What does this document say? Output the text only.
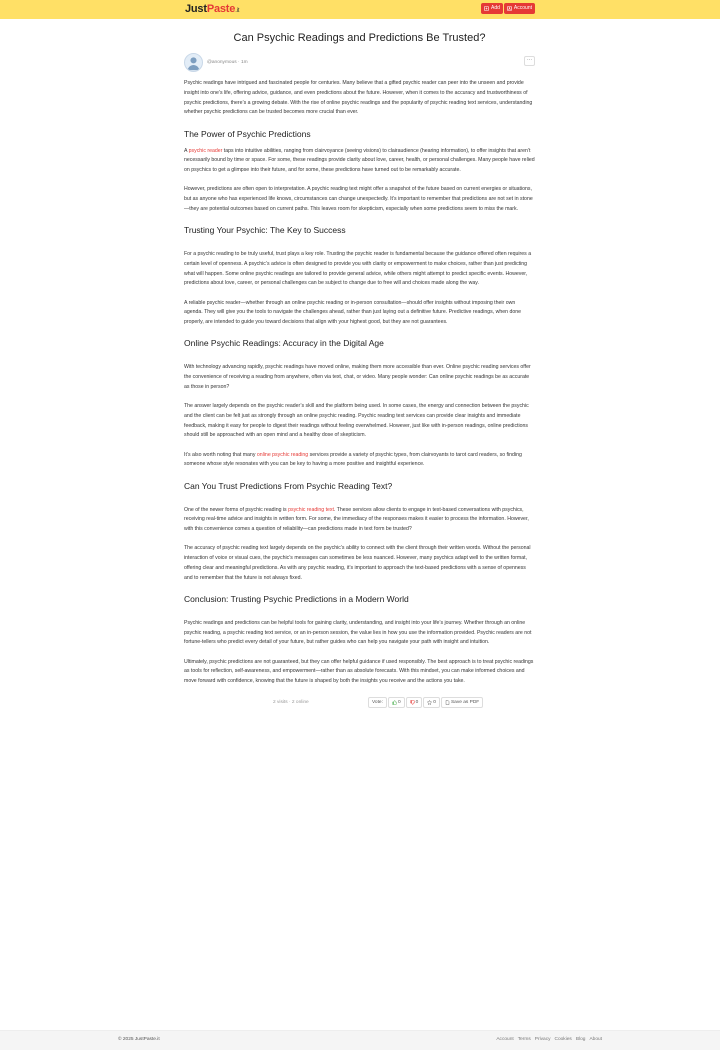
JustPaste.it	Add	Account
Can Psychic Readings and Predictions Be Trusted?
@anonymous · 1m	···

Psychic readings have intrigued and fascinated people for centuries. Many believe that a gifted psychic reader can peer into the unseen and provide insight into one’s life, offering advice, guidance, and even predictions about the future. However, when it comes to the accuracy and trustworthiness of psychic predictions, there’s a growing debate. With the rise of online psychic readings and the popularity of psychic reading text services, understanding whether psychic predictions can be trusted becomes more crucial than ever.

The Power of Psychic Predictions

A psychic reader taps into intuitive abilities, ranging from clairvoyance (seeing visions) to clairaudience (hearing information), to offer insights that aren’t necessarily bound by time or space. For some, these readings provide clarity about love, career, health, or personal challenges. Many people have relied on psychics to get a glimpse into their future, and for some, these predictions have turned out to be remarkably accurate.

However, predictions are often open to interpretation. A psychic reading text might offer a snapshot of the future based on current energies or situations, but as anyone who has experienced life knows, circumstances can change unexpectedly. It’s important to remember that predictions are not set in stone—they are potential outcomes based on current paths. This leaves room for skepticism, especially when some predictions seem to miss the mark.

Trusting Your Psychic: The Key to Success

For a psychic reading to be truly useful, trust plays a key role. Trusting the psychic reader is fundamental because the guidance offered often requires a certain level of openness. A psychic’s advice is often designed to provide you with clarity or empowerment to make choices, rather than just predicting what will happen. Some online psychic readings are tailored to provide general advice, while others might attempt to predict specific events. However, predictions about love, career, or personal challenges can be subject to change due to free will and choices made along the way.

A reliable psychic reader—whether through an online psychic reading or in-person consultation—should offer insights without imposing their own agenda. They will give you the tools to navigate the challenges ahead, rather than just laying out a definitive future. Predictive readings, when done properly, are intended to guide you toward decisions that align with your highest good, but they are not guarantees.

Online Psychic Readings: Accuracy in the Digital Age

With technology advancing rapidly, psychic readings have moved online, making them more accessible than ever. Online psychic reading services offer the convenience of receiving a reading from anywhere, often via text, chat, or video. Many people wonder: Can online psychic readings be as accurate as those in person?

The answer largely depends on the psychic reader’s skill and the platform being used. In some cases, the energy and connection between the psychic and the client can be felt just as strongly through an online psychic reading. Psychic reading text services can provide clear insights and immediate feedback, making it easy for people to digest their readings without feeling overwhelmed. However, just like with in-person readings, online predictions should still be approached with an open mind and a healthy dose of skepticism.

It’s also worth noting that many online psychic reading services provide a variety of psychic types, from clairvoyants to tarot card readers, so finding someone whose style resonates with you can be key to having a more positive and insightful experience.

Can You Trust Predictions From Psychic Reading Text?

One of the newer forms of psychic reading is psychic reading text. These services allow clients to engage in text-based conversations with psychics, receiving real-time advice and insights in written form. For some, the immediacy of the responses makes it easier to process the information. However, with this convenience comes a question of reliability—can predictions made in text form be trusted?

The accuracy of psychic reading text largely depends on the psychic’s ability to connect with the client through their written words. Without the personal interaction of voice or visual cues, the psychic’s messages can sometimes be less nuanced. However, many psychics adapt well to the written format, offering clear and meaningful predictions. As with any psychic reading, it’s important to approach the text-based predictions with a sense of openness and to remember that the future is not always fixed.

Conclusion: Trusting Psychic Predictions in a Modern World

Psychic readings and predictions can be helpful tools for gaining clarity, understanding, and insight into your life’s journey. Whether through an online psychic reading, a psychic reading text service, or an in-person session, the value lies in how you use the information provided. Psychic readers are not fortune-tellers who predict every detail of your future, but rather guides who can help you navigate your path with insight and intuition.

Ultimately, psychic predictions are not guaranteed, but they can offer helpful guidance if used responsibly. The best approach is to treat psychic readings as tools for reflection, self-awareness, and empowerment—rather than as absolute forecasts. With this mindset, you can make informed choices and move forward with confidence, knowing that the future is shaped by both the insights you receive and the actions you take.

2 visits · 2 online	Vote:	0	0	0	Save as PDF
© 2025 JustPaste.it	Account Terms Privacy Cookies Blog About
